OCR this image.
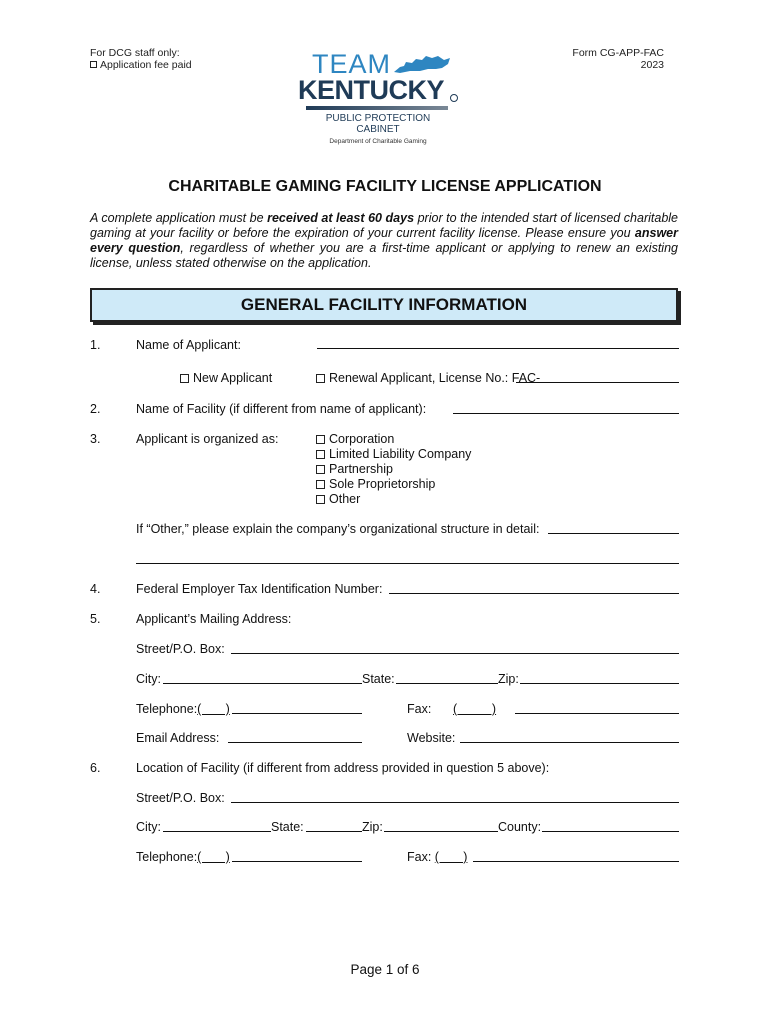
For DCG staff only:
Application fee paid
Form CG-APP-FAC
2023
TEAM
KENTUCKY
PUBLIC PROTECTION
CABINET
Department of Charitable Gaming
CHARITABLE GAMING FACILITY LICENSE APPLICATION
A complete application must be received at least 60 days prior to the intended start of licensed charitable gaming at your facility or before the expiration of your current facility license. Please ensure you answer every question, regardless of whether you are a first-time applicant or applying to renew an existing license, unless stated otherwise on the application.
GENERAL FACILITY INFORMATION
1.	Name of Applicant:
New Applicant	Renewal Applicant, License No.: FAC-
2.	Name of Facility (if different from name of applicant):
3.	Applicant is organized as:	Corporation
Limited Liability Company
Partnership
Sole Proprietorship
Other
If “Other,” please explain the company’s organizational structure in detail:
4.	Federal Employer Tax Identification Number:
5.	Applicant’s Mailing Address:
Street/P.O. Box:
City:	State:	Zip:
Telephone:(       )	Fax: (          )
Email Address:	Website:
6.	Location of Facility (if different from address provided in question 5 above):
Street/P.O. Box:
City:	State:	Zip:	County:
Telephone:(       )	Fax: (       )
Page 1 of 6
